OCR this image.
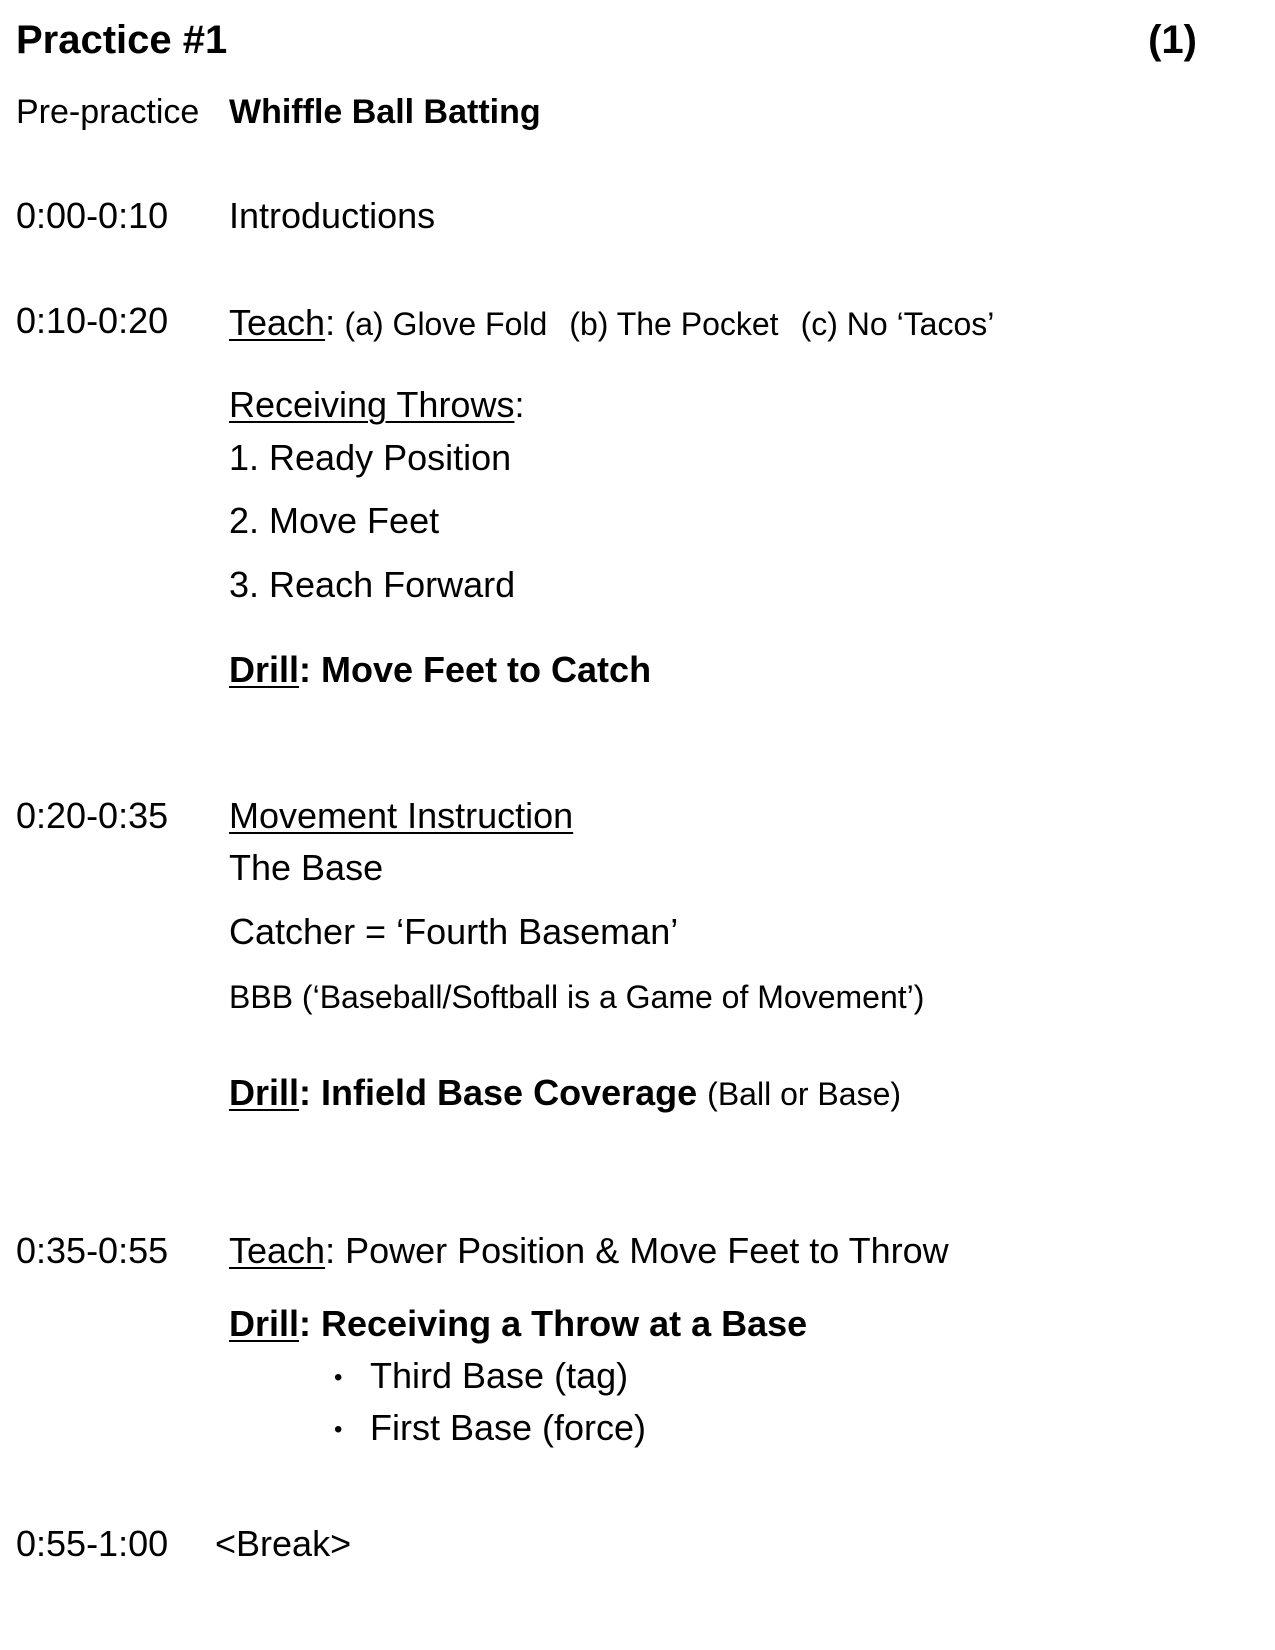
Practice #1	(1)
Pre-practice Whiffle Ball Batting
0:00-0:10 Introductions
0:10-0:20 Teach: (a) Glove Fold (b) The Pocket (c) No ‘Tacos’
Receiving Throws:
1. Ready Position
2. Move Feet
3. Reach Forward
Drill: Move Feet to Catch
0:20-0:35 Movement Instruction
The Base
Catcher = ‘Fourth Baseman’
BBB (‘Baseball/Softball is a Game of Movement’)
Drill: Infield Base Coverage (Ball or Base)
0:35-0:55 Teach: Power Position & Move Feet to Throw
Drill: Receiving a Throw at a Base
• Third Base (tag)
• First Base (force)
0:55-1:00 <Break>
